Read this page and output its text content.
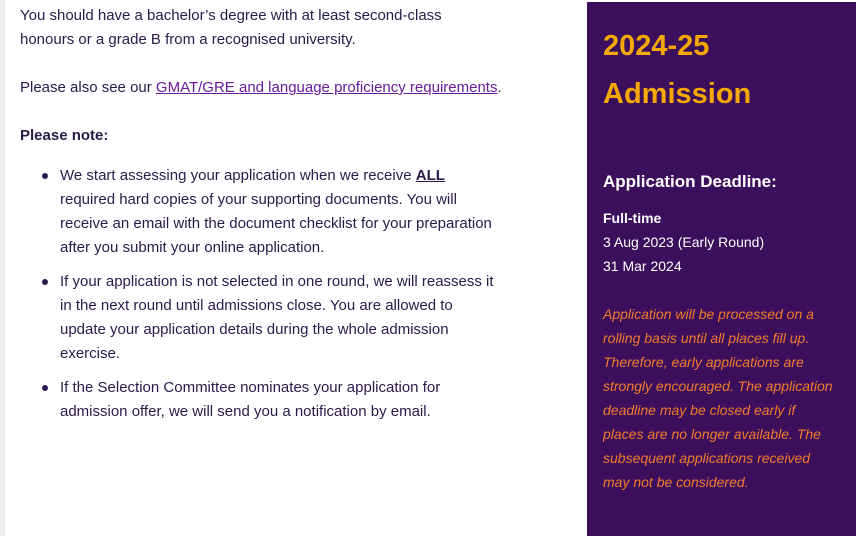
You should have a bachelor’s degree with at least second-class honours or a grade B from a recognised university.

Please also see our GMAT/GRE and language proficiency requirements.

Please note:

We start assessing your application when we receive ALL required hard copies of your supporting documents. You will receive an email with the document checklist for your preparation after you submit your online application.
If your application is not selected in one round, we will reassess it in the next round until admissions close. You are allowed to update your application details during the whole admission exercise.
If the Selection Committee nominates your application for admission offer, we will send you a notification by email.
2024-25
Admission
Application Deadline:
Full-time
3 Aug 2023 (Early Round)
31 Mar 2024
Application will be processed on a rolling basis until all places fill up. Therefore, early applications are strongly encouraged. The application deadline may be closed early if places are no longer available. The subsequent applications received may not be considered.
